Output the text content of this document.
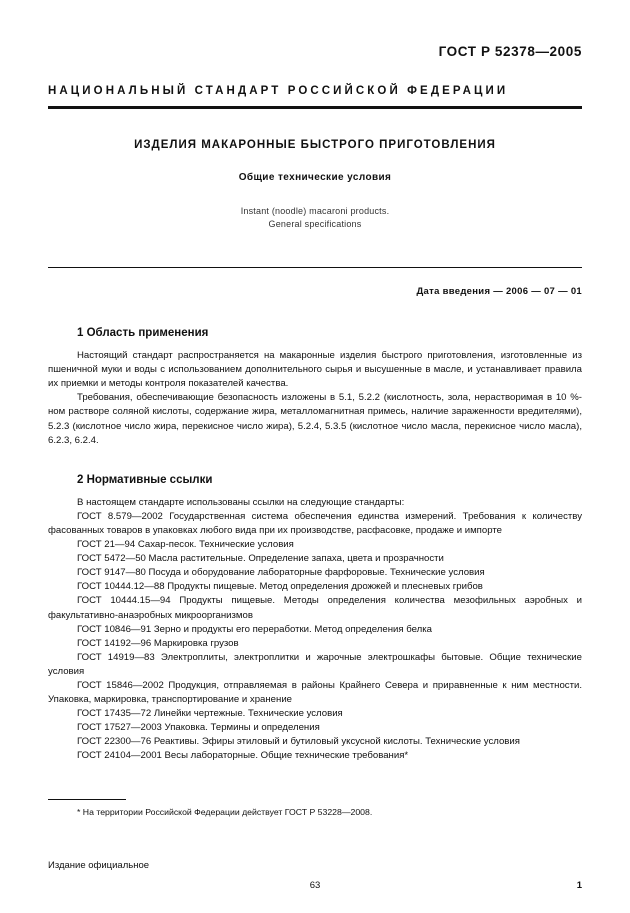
ГОСТ Р 52378—2005
НАЦИОНАЛЬНЫЙ СТАНДАРТ РОССИЙСКОЙ ФЕДЕРАЦИИ
ИЗДЕЛИЯ МАКАРОННЫЕ БЫСТРОГО ПРИГОТОВЛЕНИЯ
Общие технические условия
Instant (noodle) macaroni products.
General specifications
Дата введения — 2006 — 07 — 01
1 Область применения

Настоящий стандарт распространяется на макаронные изделия быстрого приготовления, изготовленные из пшеничной муки и воды с использованием дополнительного сырья и высушенные в масле, и устанавливает правила их приемки и методы контроля показателей качества.

Требования, обеспечивающие безопасность изложены в 5.1, 5.2.2 (кислотность, зола, нерастворимая в 10 %-ном растворе соляной кислоты, содержание жира, металломагнитная примесь, наличие зараженности вредителями), 5.2.3 (кислотное число жира, перекисное число жира), 5.2.4, 5.3.5 (кислотное число масла, перекисное число масла), 6.2.3, 6.2.4.

2 Нормативные ссылки

В настоящем стандарте использованы ссылки на следующие стандарты:

ГОСТ 8.579—2002 Государственная система обеспечения единства измерений. Требования к количеству фасованных товаров в упаковках любого вида при их производстве, расфасовке, продаже и импорте

ГОСТ 21—94 Сахар-песок. Технические условия

ГОСТ 5472—50 Масла растительные. Определение запаха, цвета и прозрачности

ГОСТ 9147—80 Посуда и оборудование лабораторные фарфоровые. Технические условия

ГОСТ 10444.12—88 Продукты пищевые. Метод определения дрожжей и плесневых грибов

ГОСТ 10444.15—94 Продукты пищевые. Методы определения количества мезофильных аэробных и факультативно-анаэробных микроорганизмов

ГОСТ 10846—91 Зерно и продукты его переработки. Метод определения белка

ГОСТ 14192—96 Маркировка грузов

ГОСТ 14919—83 Электроплиты, электроплитки и жарочные электрошкафы бытовые. Общие технические условия

ГОСТ 15846—2002 Продукция, отправляемая в районы Крайнего Севера и приравненные к ним местности. Упаковка, маркировка, транспортирование и хранение

ГОСТ 17435—72 Линейки чертежные. Технические условия

ГОСТ 17527—2003 Упаковка. Термины и определения

ГОСТ 22300—76 Реактивы. Эфиры этиловый и бутиловый уксусной кислоты. Технические условия

ГОСТ 24104—2001 Весы лабораторные. Общие технические требования*

* На территории Российской Федерации действует ГОСТ Р 53228—2008.
Издание официальное
63	1
